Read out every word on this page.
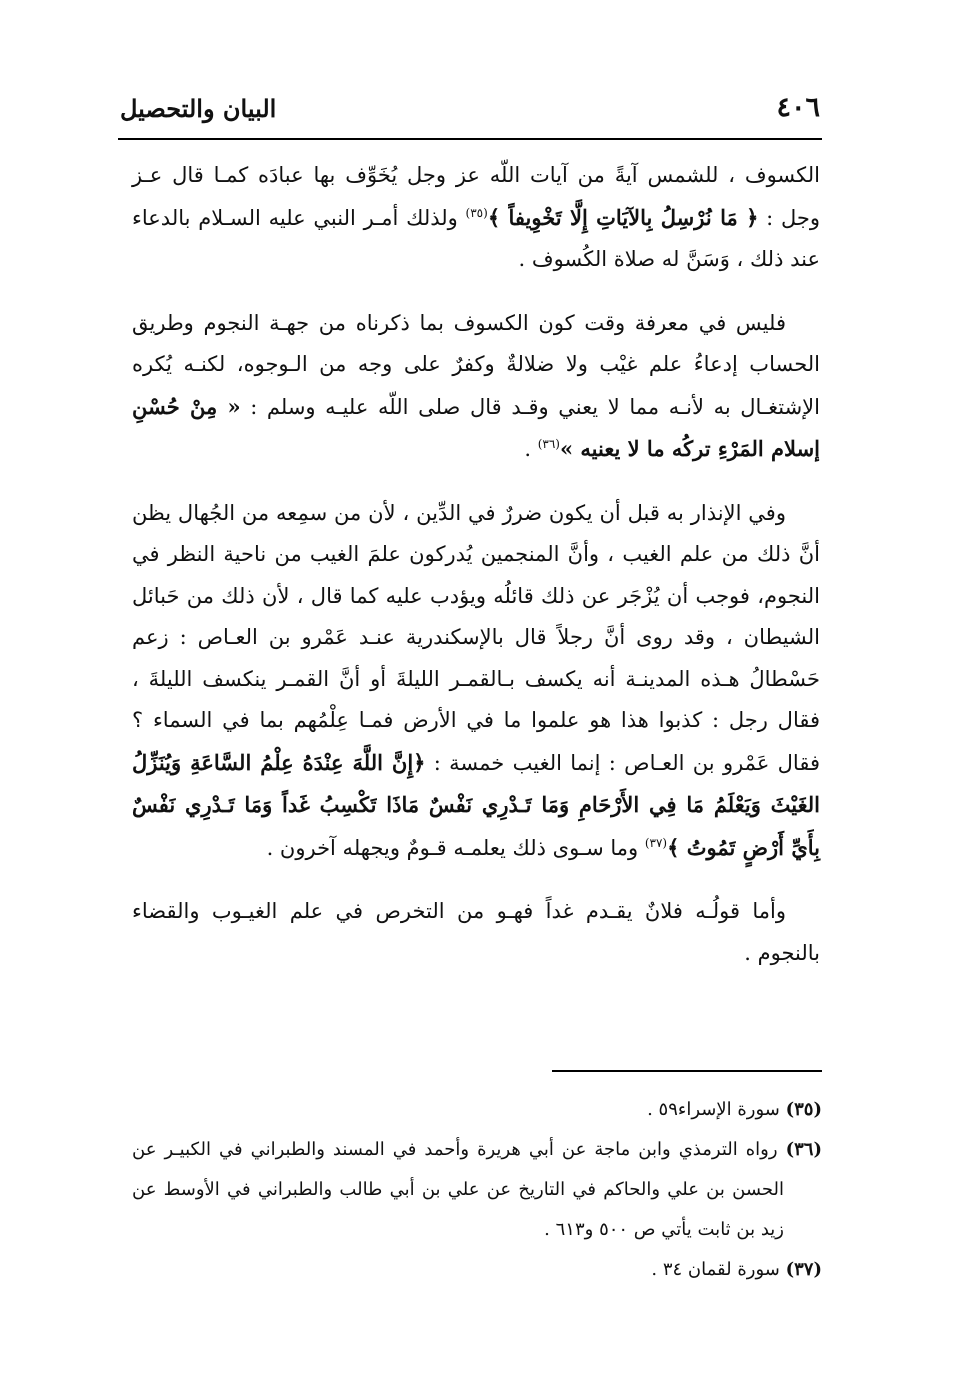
٤٠٦
البيان والتحصيل

الكسوف ، للشمس آيةً من آيات اللّه عز وجل يُخَوِّف بها عبادَه كمـا قال عـز وجل : ﴿ مَا نُرْسِلُ بِالآيَاتِ إِلَّا تَخْوِيفاً ﴾$^{(٣٥)}$ ولذلك أمـر النبي عليه السـلام بالدعاء عند ذلك ، وَسَنَّ له صلاة الكُسوف .

فليس في معرفة وقت كون الكسوف بما ذكرناه من جهـة النجوم وطريق الحساب إدعاءُ علم غيْب ولا ضلالةٌ وكفرٌ على وجه من الـوجوه، لكنـه يُكره الإشتغـال به لأنـه مما لا يعني وقـد قال صلى اللّه عليـه وسلم : « مِنْ حُسْنِ إسلام المَرْءِ تركُه ما لا يعنيه »$^{(٣٦)}$ .

وفي الإنذار به قبل أن يكون ضررٌ في الدِّين ، لأن من سمِعه من الجُهال يظن أنَّ ذلك من علم الغيب ، وأنَّ المنجمين يُدركون علمَ الغيب من ناحية النظر في النجوم، فوجب أن يُزْجَر عن ذلك قائلُه ويؤدب عليه كما قال ، لأن ذلك من حَبائل الشيطان ، وقد روى أنَّ رجلاً قال بالإسكندرية عنـد عَمْرو بن العـاص : زعم حَسْطالُ هـذه المدينـة أنه يكسف بـالقمـر الليلةَ أو أنَّ القمـر ينكسف الليلةَ ، فقال رجل : كذبوا هذا هو علموا ما في الأرض فمـا عِلْمُهم بما في السماء ؟ فقال عَمْرو بن العـاص : إنما الغيب خمسة : ﴿إِنَّ اللَّهَ عِنْدَهُ عِلْمُ السَّاعَةِ وَيُنَزِّلُ الغَيْثَ وَيَعْلَمُ مَا فِي الأَرْحَامِ وَمَا تَـدْرِي نَفْسٌ مَاذَا تَكْسِبُ غَداً وَمَا تَـدْرِي نَفْسٌ بِأَيِّ أَرْضٍ تَمُوتُ ﴾$^{(٣٧)}$ وما سـوى ذلك يعلمـه قـومٌ ويجهله آخرون .

وأما قولُـه فلانٌ يقـدم غداً فهـو من التخرص في علم الغيـوب والقضاء بالنجوم .

(٣٥) سورة الإسراء٥٩ .

(٣٦) رواه الترمذي وابن ماجة عن أبي هريرة وأحمد في المسند والطبراني في الكبيـر عن الحسن بن علي والحاكم في التاريخ عن علي بن أبي طالب والطبراني في الأوسط عن زيد بن ثابت يأتي ص ٥٠٠ و٦١٣ .

(٣٧) سورة لقمان ٣٤ .
